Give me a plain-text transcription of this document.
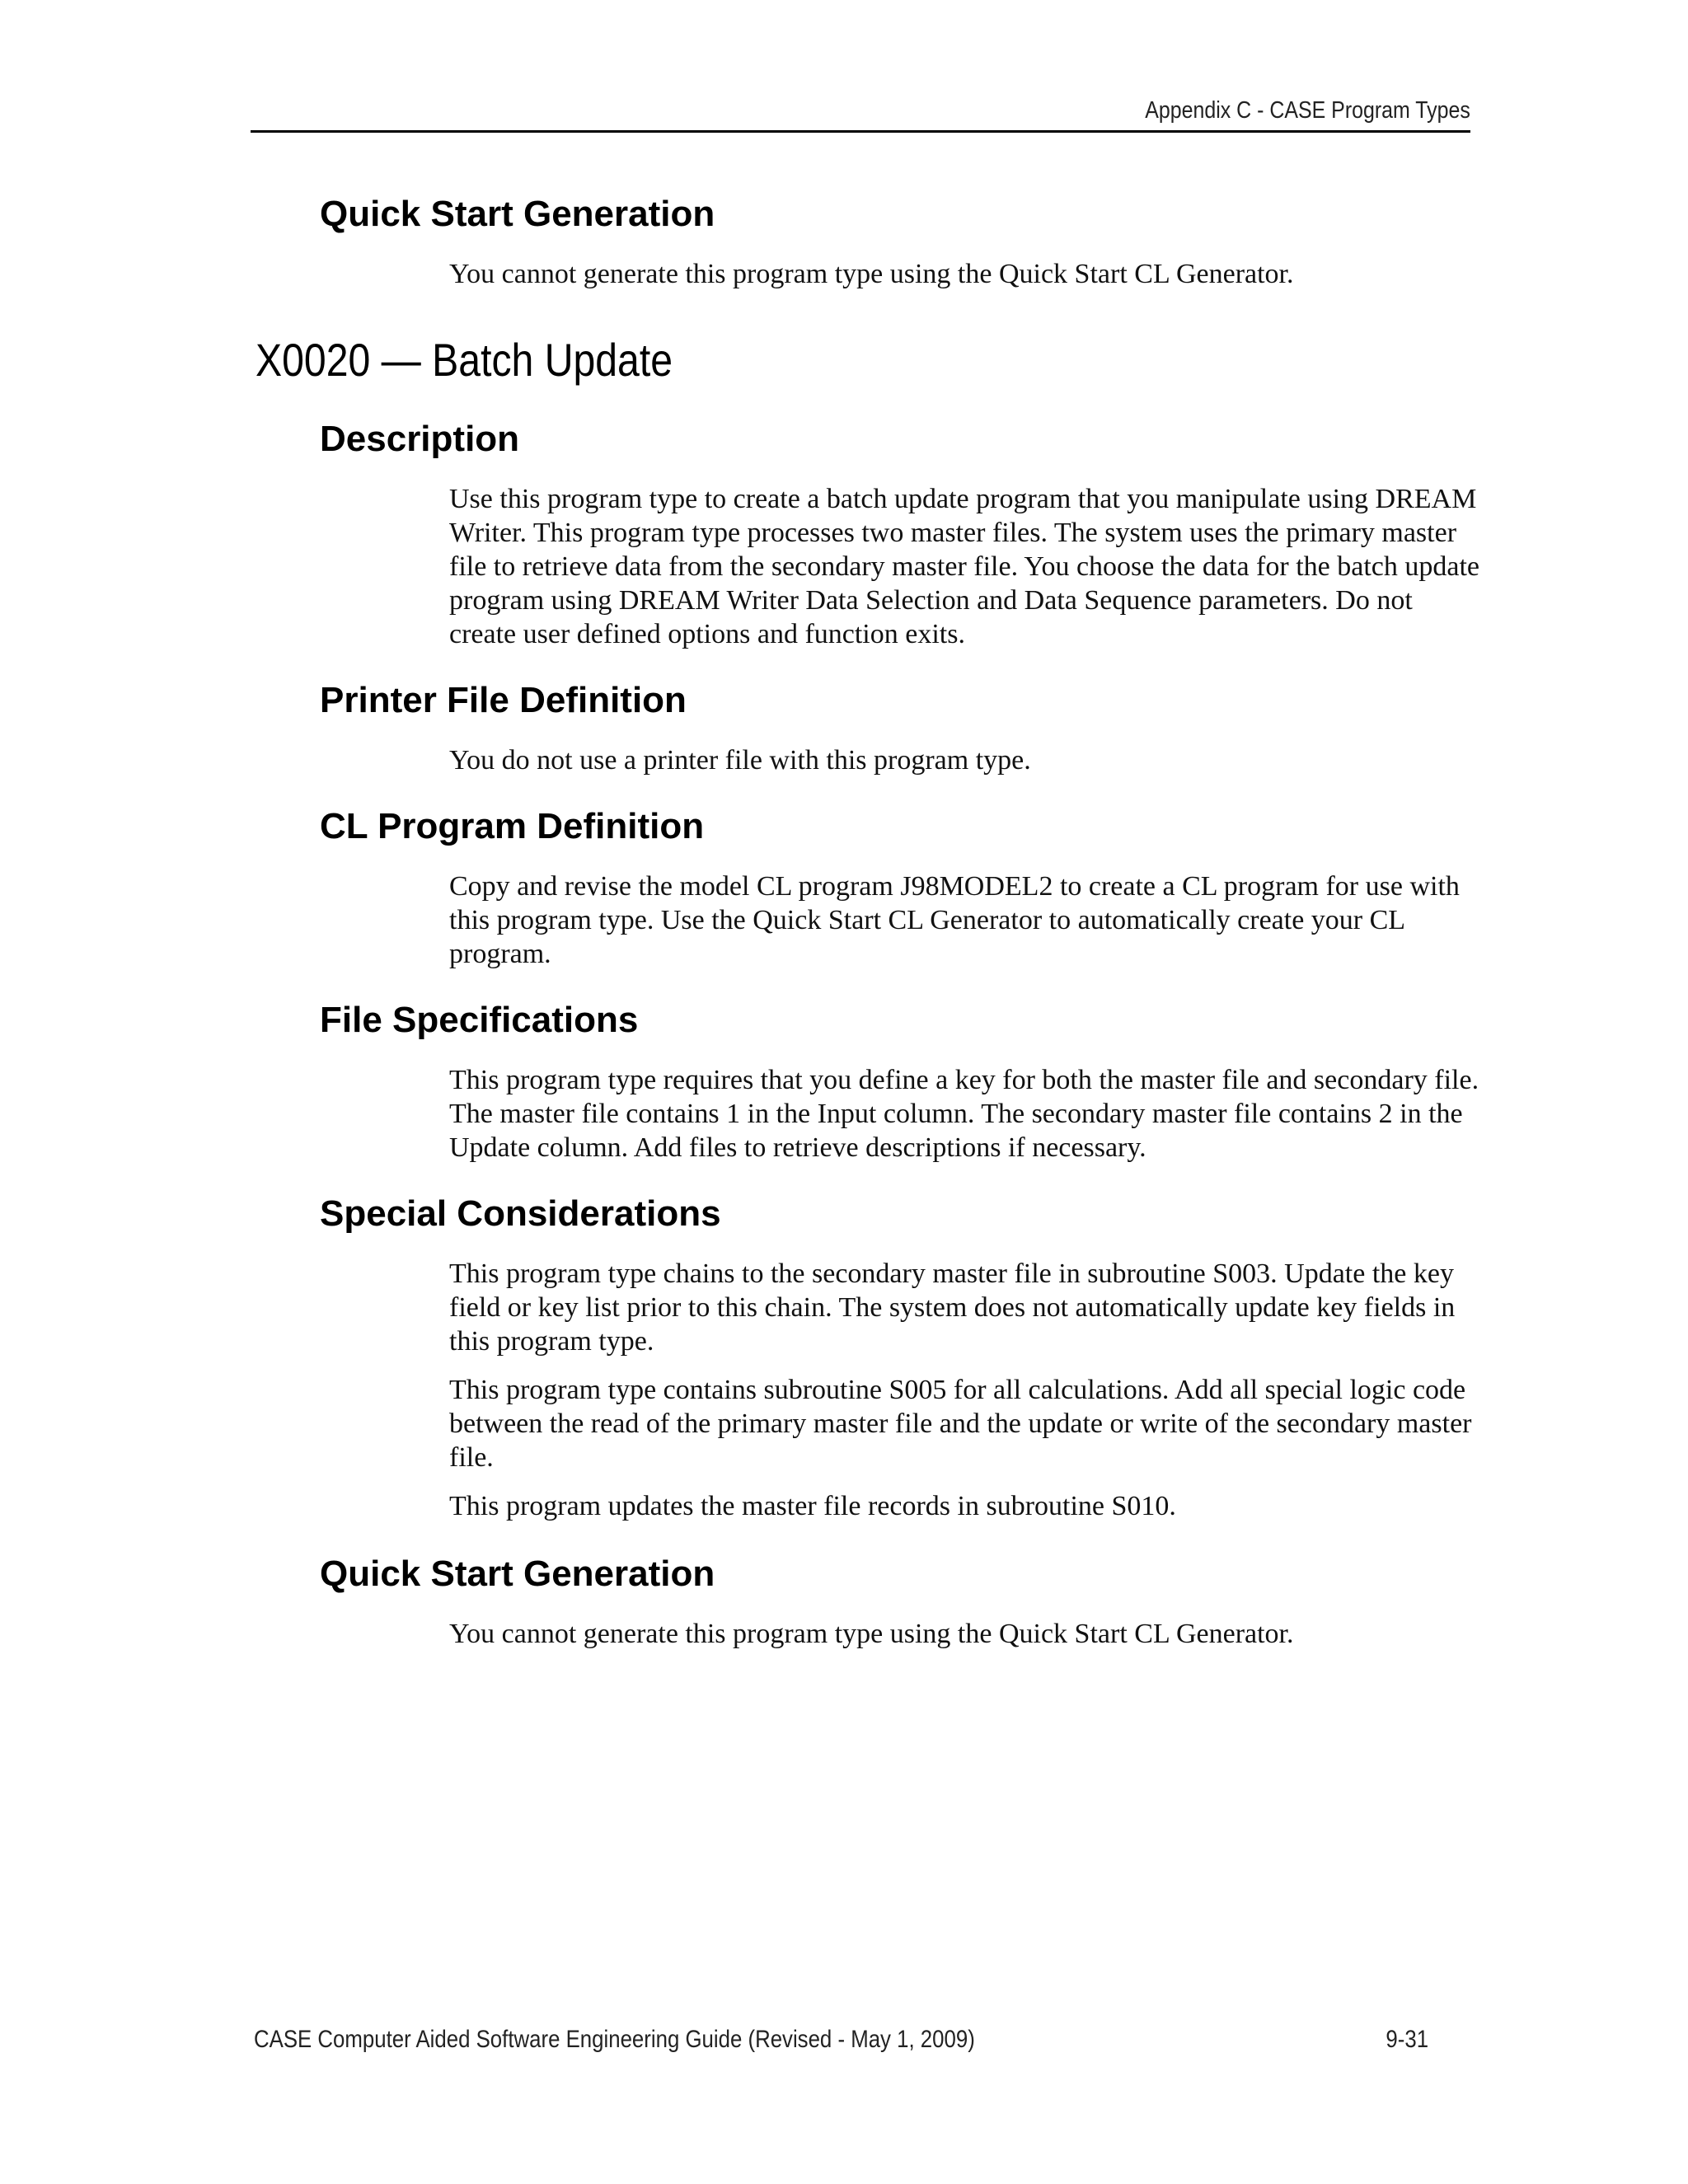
Appendix C - CASE Program Types
Quick Start Generation

You cannot generate this program type using the Quick Start CL Generator.

X0020 — Batch Update
Description

Use this program type to create a batch update program that you manipulate using DREAM Writer. This program type processes two master files. The system uses the primary master file to retrieve data from the secondary master file. You choose the data for the batch update program using DREAM Writer Data Selection and Data Sequence parameters. Do not create user defined options and function exits.

Printer File Definition

You do not use a printer file with this program type.

CL Program Definition

Copy and revise the model CL program J98MODEL2 to create a CL program for use with this program type. Use the Quick Start CL Generator to automatically create your CL program.

File Specifications

This program type requires that you define a key for both the master file and secondary file. The master file contains 1 in the Input column. The secondary master file contains 2 in the Update column. Add files to retrieve descriptions if necessary.

Special Considerations

This program type chains to the secondary master file in subroutine S003. Update the key field or key list prior to this chain. The system does not automatically update key fields in this program type.

This program type contains subroutine S005 for all calculations. Add all special logic code between the read of the primary master file and the update or write of the secondary master file.

This program updates the master file records in subroutine S010.

Quick Start Generation

You cannot generate this program type using the Quick Start CL Generator.

CASE Computer Aided Software Engineering Guide (Revised - May 1, 2009)	9-31
